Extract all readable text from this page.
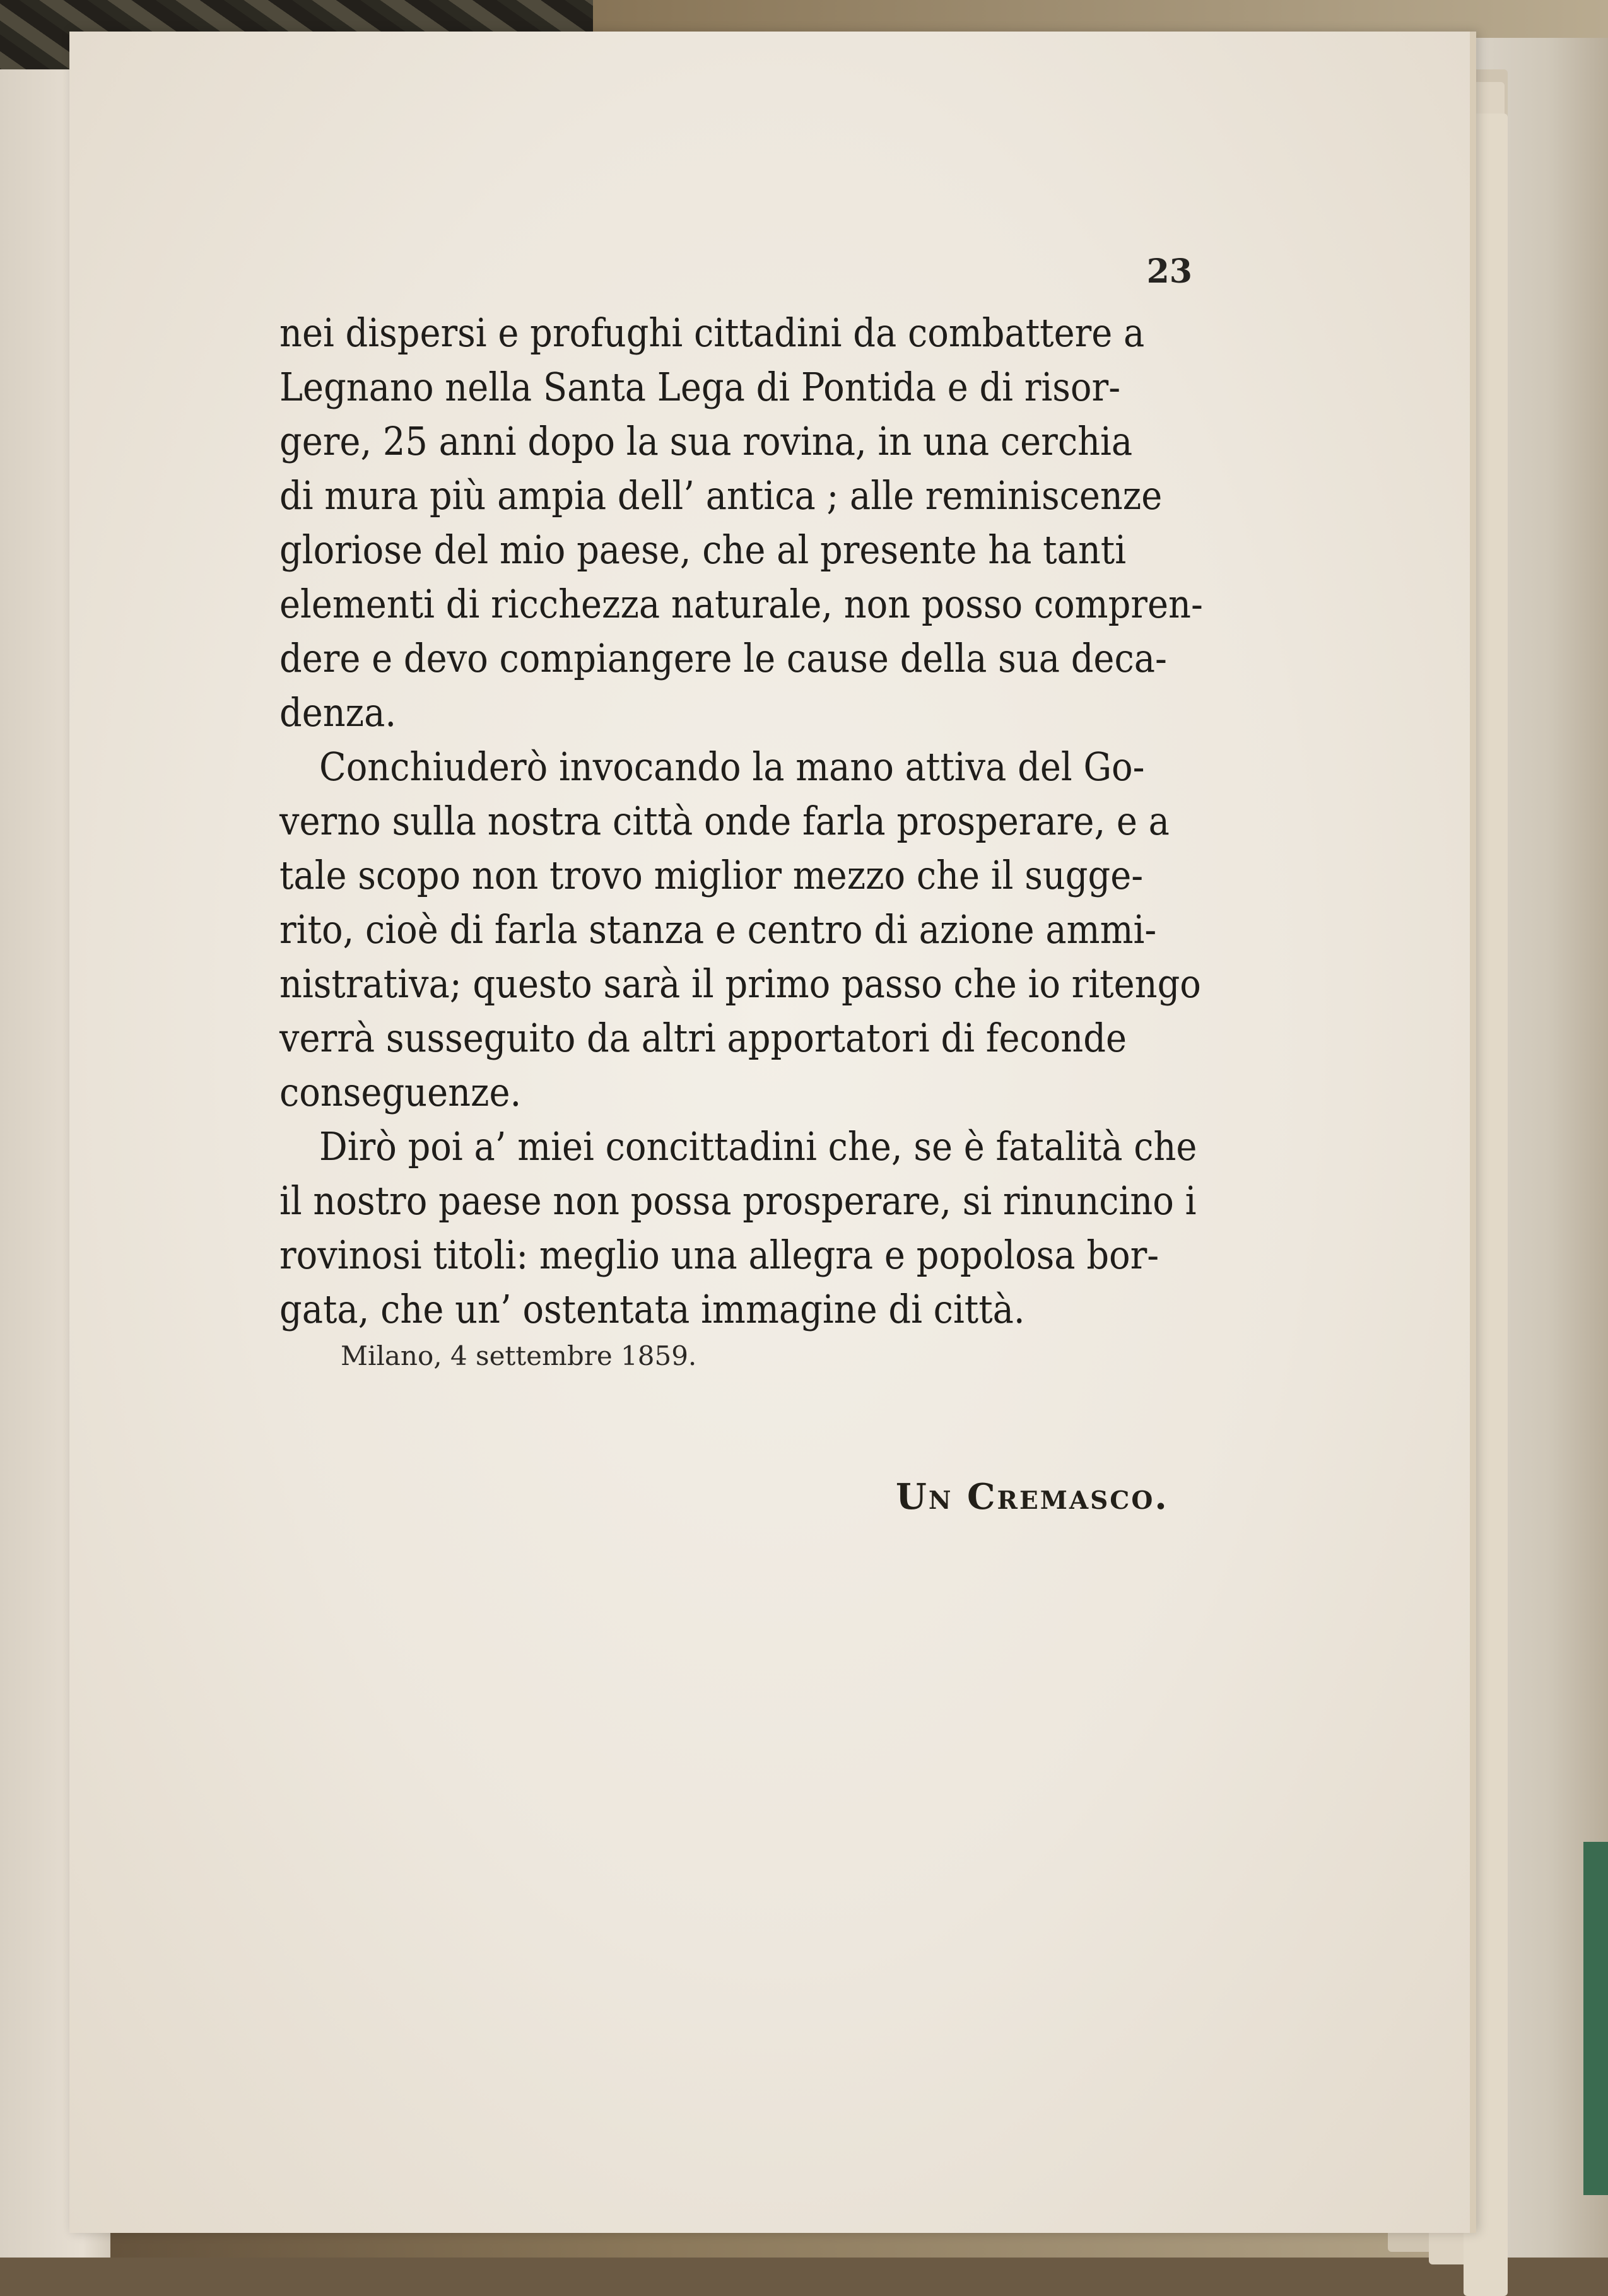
23
nei dispersi e profughi cittadini da combattere a
Legnano nella Santa Lega di Pontida e di risor-
gere, 25 anni dopo la sua rovina, in una cerchia
di mura più ampia dell’ antica ; alle reminiscenze
gloriose del mio paese, che al presente ha tanti
elementi di ricchezza naturale, non posso compren-
dere e devo compiangere le cause della sua deca-
denza.
Conchiuderò invocando la mano attiva del Go-
verno sulla nostra città onde farla prosperare, e a
tale scopo non trovo miglior mezzo che il sugge-
rito, cioè di farla stanza e centro di azione ammi-
nistrativa; questo sarà il primo passo che io ritengo
verrà susseguito da altri apportatori di feconde
conseguenze.
Dirò poi a’ miei concittadini che, se è fatalità che
il nostro paese non possa prosperare, si rinuncino i
rovinosi titoli: meglio una allegra e popolosa bor-
gata, che un’ ostentata immagine di città.
Milano, 4 settembre 1859.
Un Cremasco.
